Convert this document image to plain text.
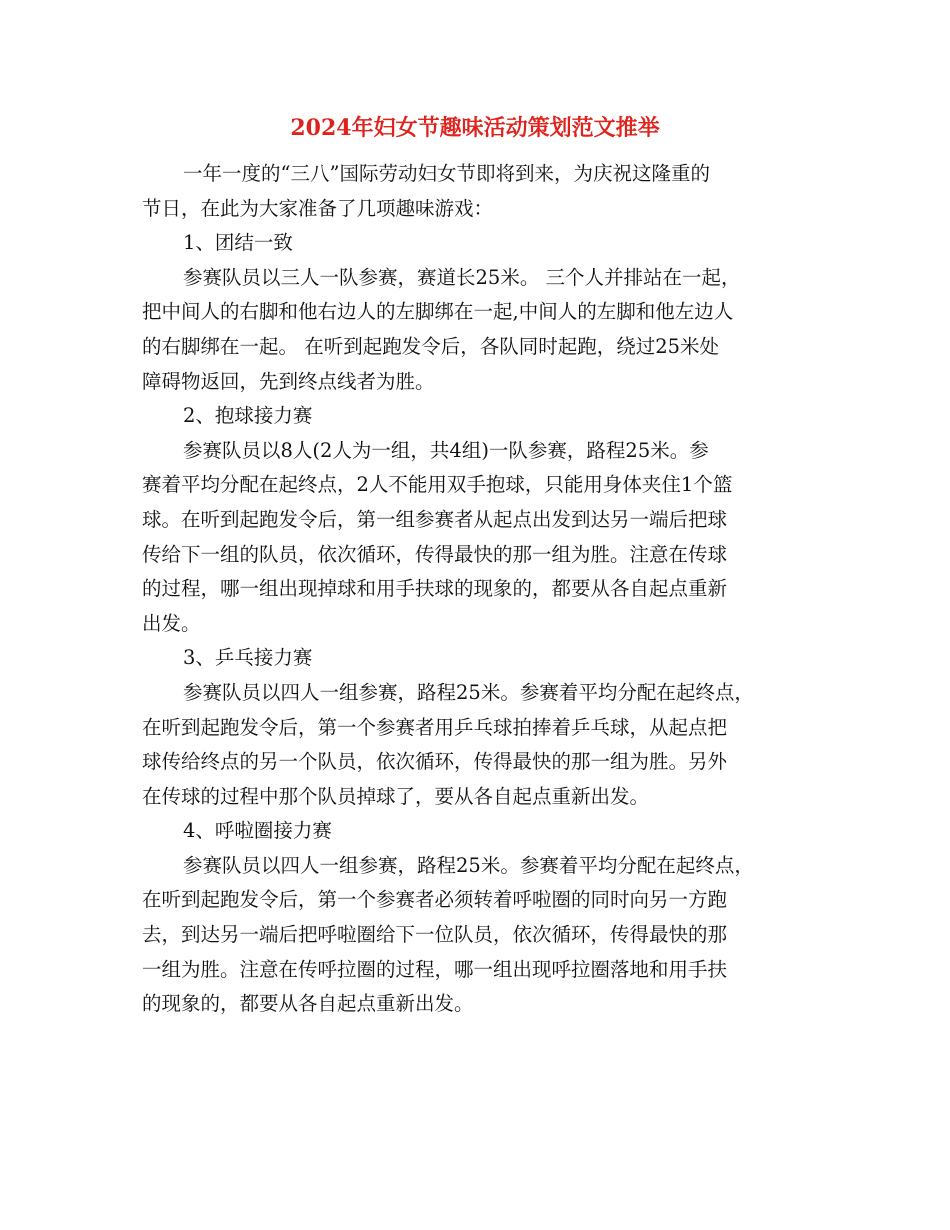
2024年妇女节趣味活动策划范文推举
一年一度的“三八”国际劳动妇女节即将到来，为庆祝这隆重的
节日，在此为大家准备了几项趣味游戏：
1、团结一致
参赛队员以三人一队参赛，赛道长25米。 三个人并排站在一起，
把中间人的右脚和他右边人的左脚绑在一起,中间人的左脚和他左边人
的右脚绑在一起。 在听到起跑发令后，各队同时起跑，绕过25米处
障碍物返回，先到终点线者为胜。
2、抱球接力赛
参赛队员以8人(2人为一组，共4组)一队参赛，路程25米。参
赛着平均分配在起终点，2人不能用双手抱球，只能用身体夹住1个篮
球。在听到起跑发令后，第一组参赛者从起点出发到达另一端后把球
传给下一组的队员，依次循环，传得最快的那一组为胜。注意在传球
的过程，哪一组出现掉球和用手扶球的现象的，都要从各自起点重新
出发。
3、乒乓接力赛
参赛队员以四人一组参赛，路程25米。参赛着平均分配在起终点，
在听到起跑发令后，第一个参赛者用乒乓球拍捧着乒乓球，从起点把
球传给终点的另一个队员，依次循环，传得最快的那一组为胜。另外
在传球的过程中那个队员掉球了，要从各自起点重新出发。
4、呼啦圈接力赛
参赛队员以四人一组参赛，路程25米。参赛着平均分配在起终点，
在听到起跑发令后，第一个参赛者必须转着呼啦圈的同时向另一方跑
去，到达另一端后把呼啦圈给下一位队员，依次循环，传得最快的那
一组为胜。注意在传呼拉圈的过程，哪一组出现呼拉圈落地和用手扶
的现象的，都要从各自起点重新出发。
